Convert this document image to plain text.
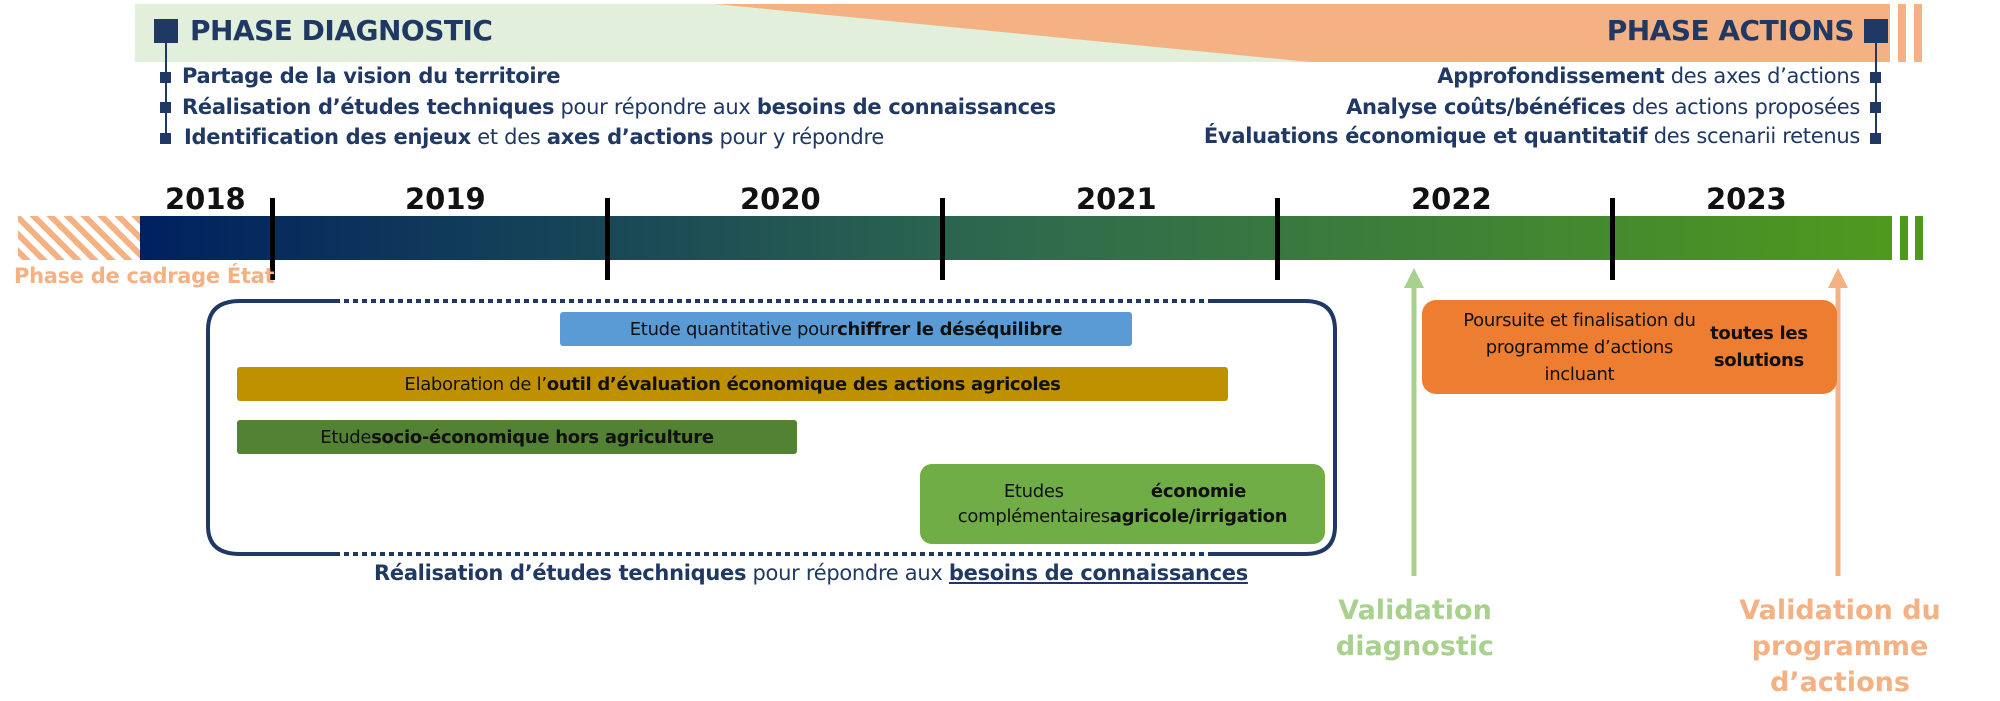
PHASE DIAGNOSTIC	PHASE ACTIONS
Partage de la vision du territoire
Réalisation d’études techniques pour répondre aux besoins de connaissances
Identification des enjeux et des axes d’actions pour y répondre
Approfondissement des axes d’actions
Analyse coûts/bénéfices des actions proposées
Évaluations économique et quantitatif des scenarii retenus
2018	2019	2020	2021	2022	2023
Phase de cadrage État
Etude quantitative pour chiffrer le déséquilibre
Elaboration de l’ outil d’évaluation économique des actions agricoles
Etude socio-économique hors agriculture
Etudes complémentaires
économie agricole/irrigation
Poursuite et finalisation du programme d’actions incluant
toutes les solutions
Réalisation d’études techniques pour répondre aux besoins de connaissances
Validation
diagnostic
Validation du
programme d’actions
